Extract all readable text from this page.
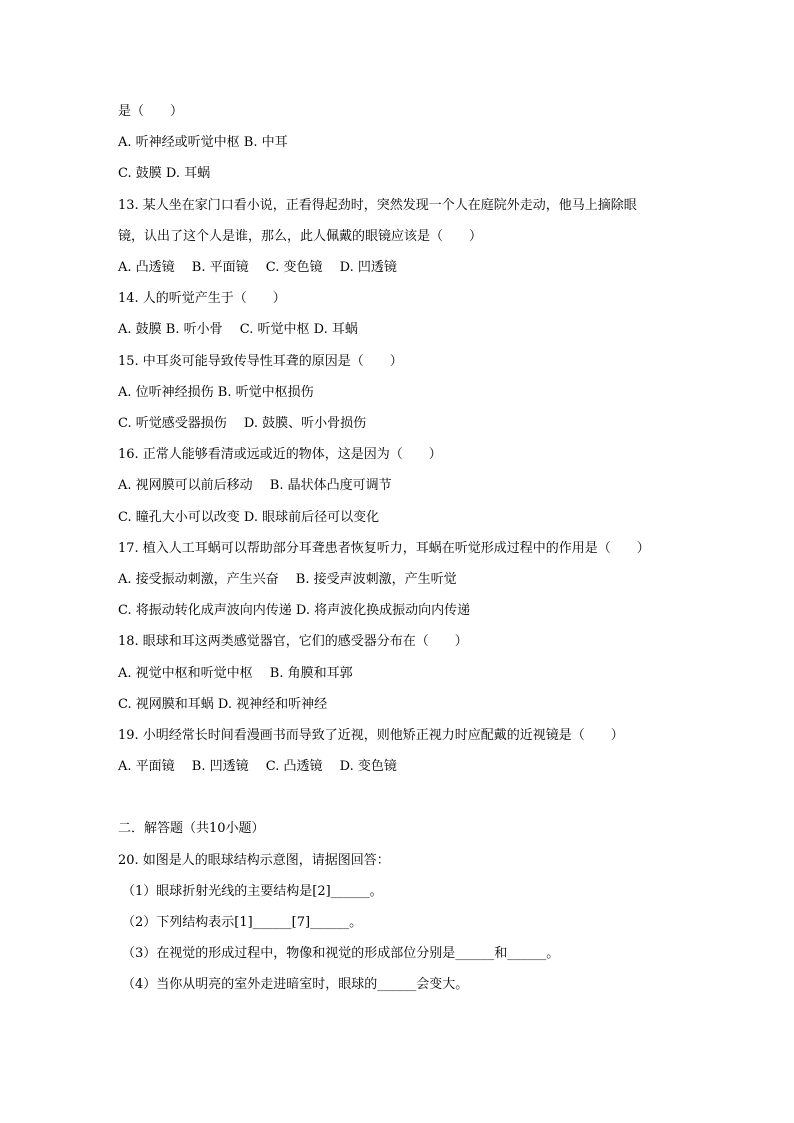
是（　　）
A. 听神经或听觉中枢 B. 中耳
C. 鼓膜 D. 耳蜗
13. 某人坐在家门口看小说，正看得起劲时，突然发现一个人在庭院外走动，他马上摘除眼
镜，认出了这个人是谁，那么，此人佩戴的眼镜应该是（　　）
A. 凸透镜　 B. 平面镜　 C. 变色镜　 D. 凹透镜
14. 人的听觉产生于（　　）
A. 鼓膜 B. 听小骨　 C. 听觉中枢 D. 耳蜗
15. 中耳炎可能导致传导性耳聋的原因是（　　）
A. 位听神经损伤 B. 听觉中枢损伤
C. 听觉感受器损伤　 D. 鼓膜、听小骨损伤
16. 正常人能够看清或远或近的物体，这是因为（　　）
A. 视网膜可以前后移动　 B. 晶状体凸度可调节
C. 瞳孔大小可以改变 D. 眼球前后径可以变化
17. 植入人工耳蜗可以帮助部分耳聋患者恢复听力，耳蜗在听觉形成过程中的作用是（　　）
A. 接受振动刺激，产生兴奋　 B. 接受声波刺激，产生听觉
C. 将振动转化成声波向内传递 D. 将声波化换成振动向内传递
18. 眼球和耳这两类感觉器官，它们的感受器分布在（　　）
A. 视觉中枢和听觉中枢　 B. 角膜和耳郭
C. 视网膜和耳蜗 D. 视神经和听神经
19. 小明经常长时间看漫画书而导致了近视，则他矫正视力时应配戴的近视镜是（　　）
A. 平面镜　 B. 凹透镜　 C. 凸透镜　 D. 变色镜
二．解答题（共10小题）
20. 如图是人的眼球结构示意图，请据图回答：
（1）眼球折射光线的主要结构是[2]______。
（2）下列结构表示[1]______[7]______。
（3）在视觉的形成过程中，物像和视觉的形成部位分别是______和______。
（4）当你从明亮的室外走进暗室时，眼球的______会变大。
